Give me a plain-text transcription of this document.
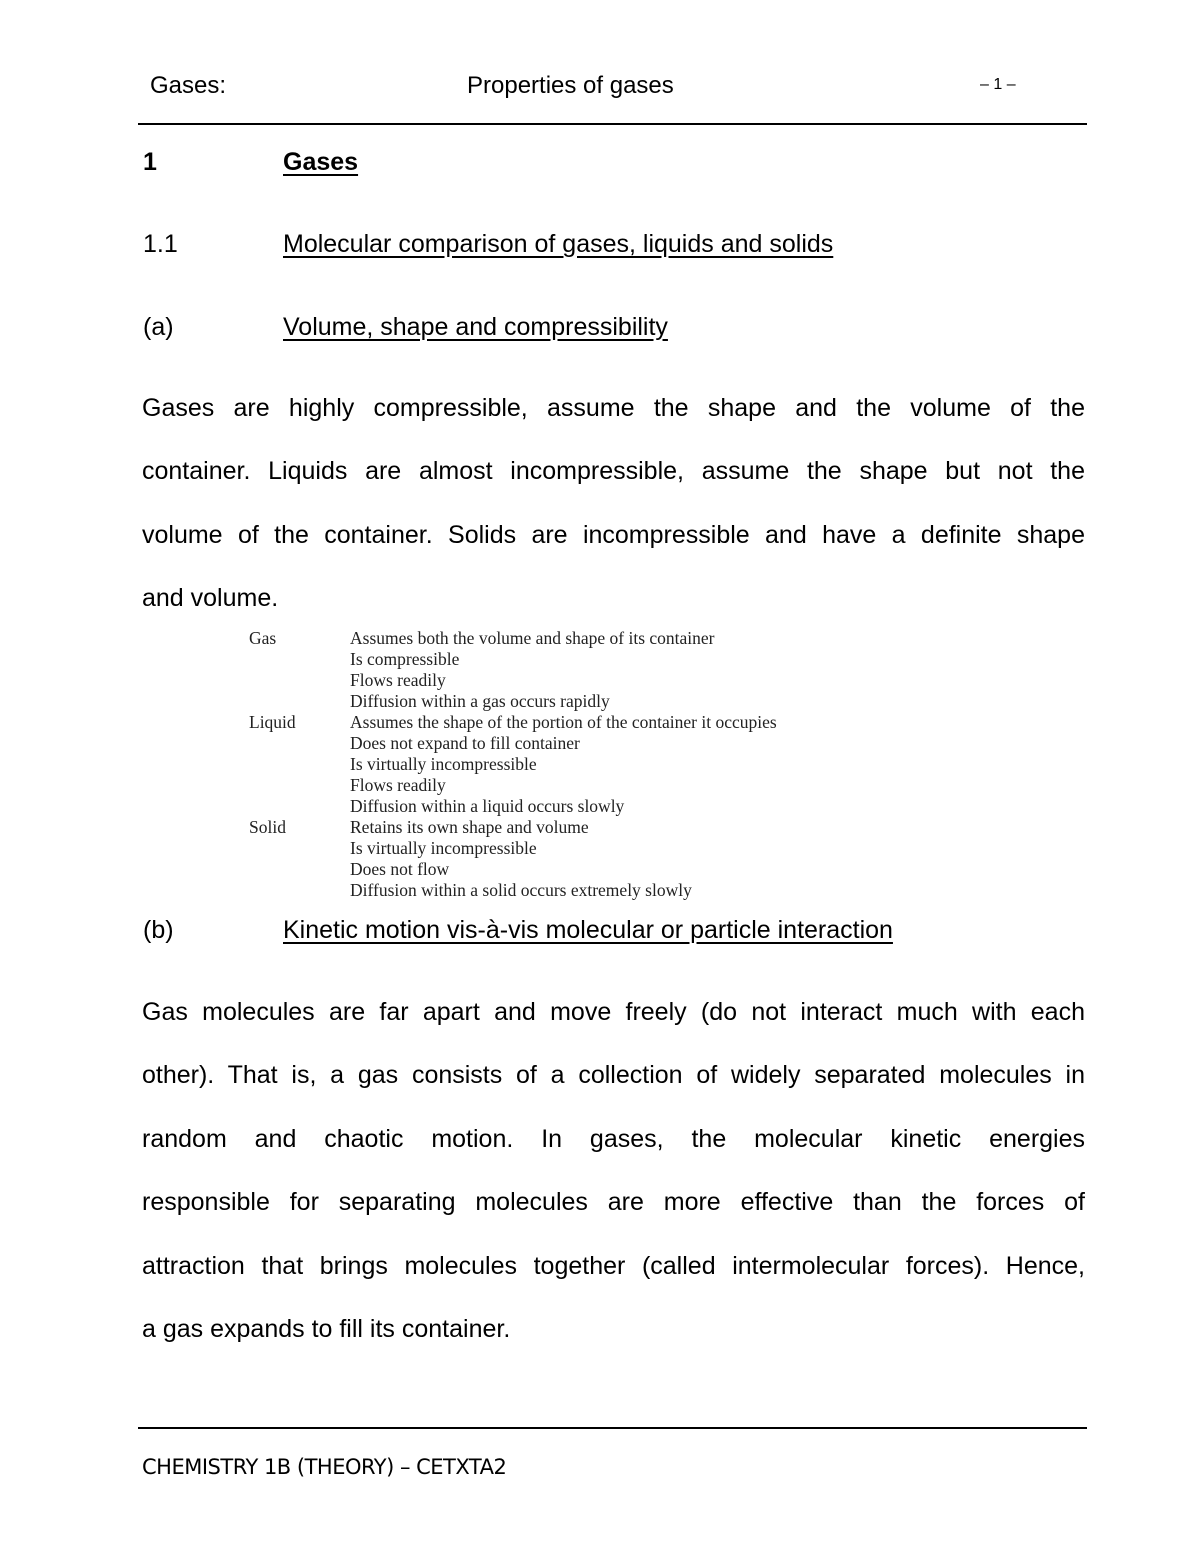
Gases:	Properties of gases	– 1 –
1	Gases
1.1	Molecular comparison of gases, liquids and solids
(a)	Volume, shape and compressibility
Gases are highly compressible, assume the shape and the volume of the
container. Liquids are almost incompressible, assume the shape but not the
volume of the container. Solids are incompressible and have a definite shape
and volume.
Gas	Assumes both the volume and shape of its container
Is compressible
Flows readily
Diffusion within a gas occurs rapidly
Liquid	Assumes the shape of the portion of the container it occupies
Does not expand to fill container
Is virtually incompressible
Flows readily
Diffusion within a liquid occurs slowly
Solid	Retains its own shape and volume
Is virtually incompressible
Does not flow
Diffusion within a solid occurs extremely slowly
(b)	Kinetic motion vis-à-vis molecular or particle interaction
Gas molecules are far apart and move freely (do not interact much with each
other). That is, a gas consists of a collection of widely separated molecules in
random and chaotic motion. In gases, the molecular kinetic energies
responsible for separating molecules are more effective than the forces of
attraction that brings molecules together (called intermolecular forces). Hence,
a gas expands to fill its container.
CHEMISTRY 1B (THEORY) – CETXTA2
